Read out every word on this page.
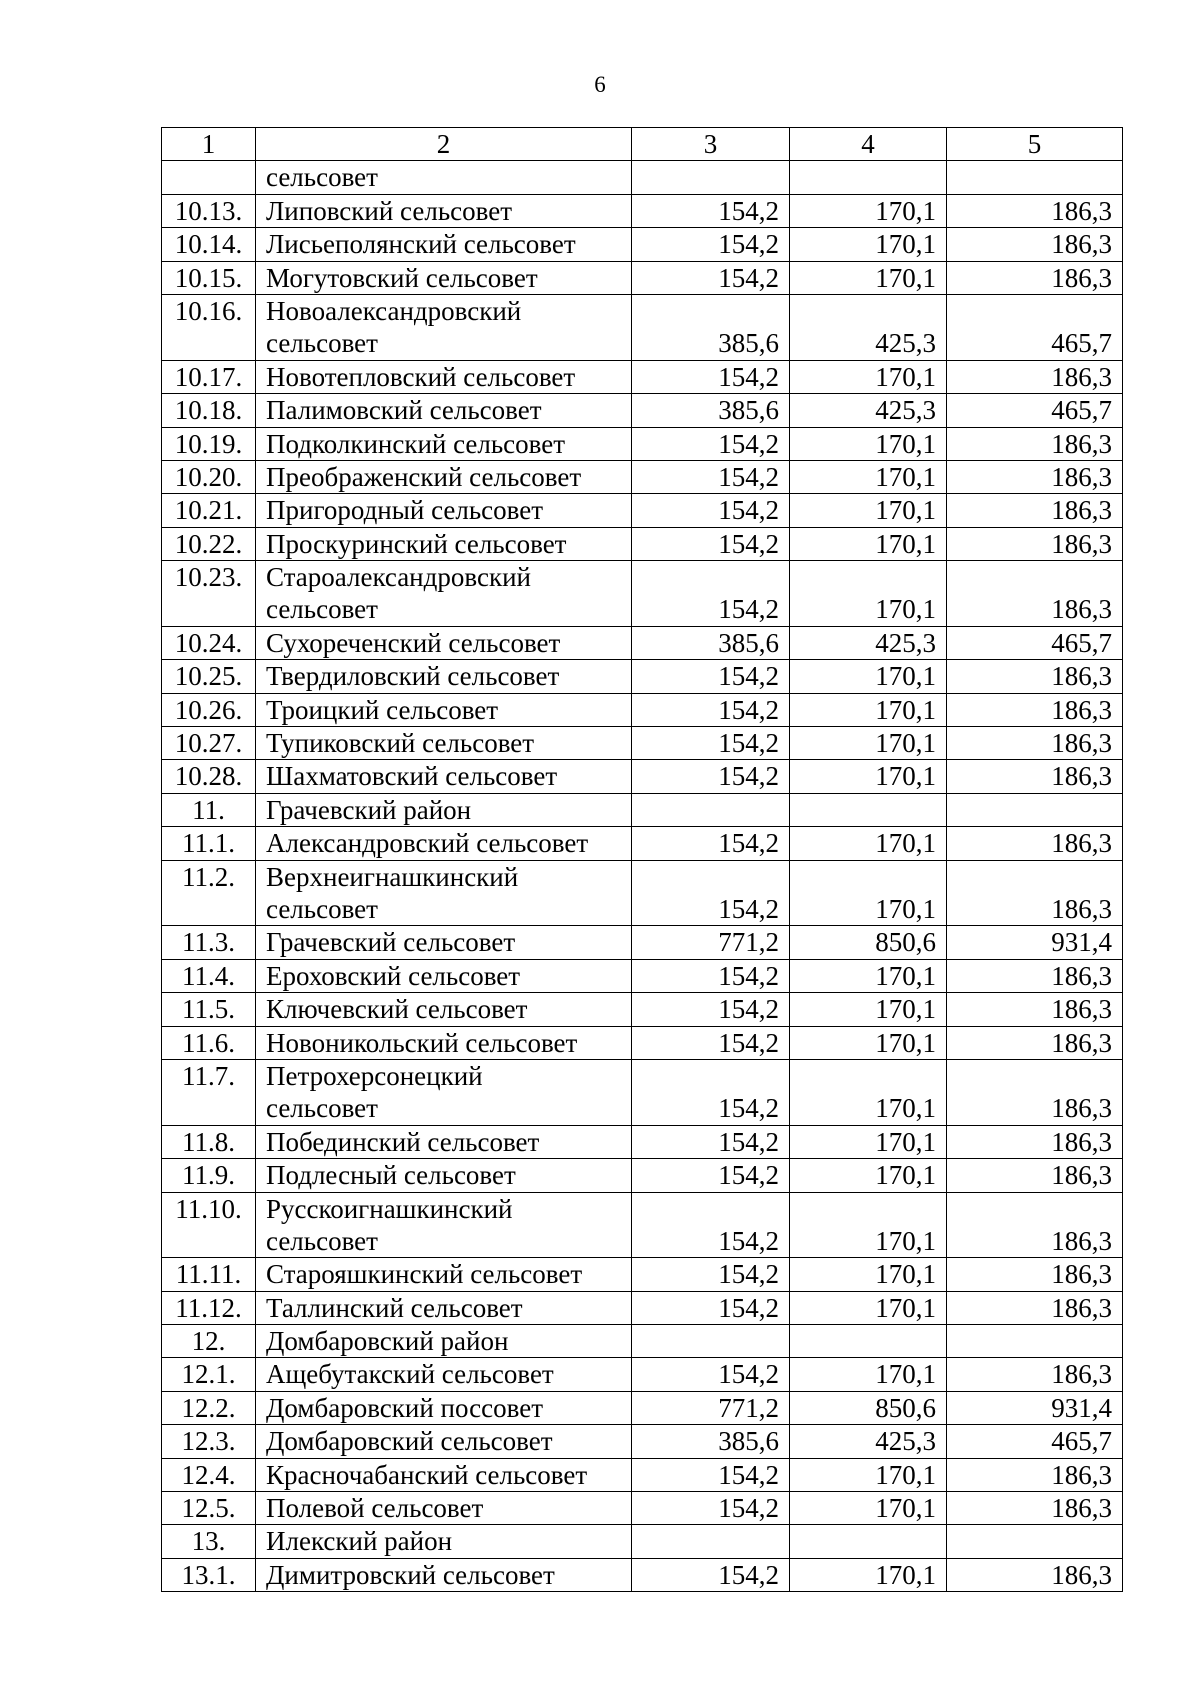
6
1	2	3	4	5

	сельсовет			

10.13.	Липовский сельсовет	154,2	170,1	186,3
10.14.	Лисьеполянский сельсовет	154,2	170,1	186,3
10.15.	Могутовский сельсовет	154,2	170,1	186,3
10.16.	Новоалександровский
сельсовет	385,6	425,3	465,7
10.17.	Новотепловский сельсовет	154,2	170,1	186,3
10.18.	Палимовский сельсовет	385,6	425,3	465,7
10.19.	Подколкинский сельсовет	154,2	170,1	186,3
10.20.	Преображенский сельсовет	154,2	170,1	186,3
10.21.	Пригородный сельсовет	154,2	170,1	186,3
10.22.	Проскуринский сельсовет	154,2	170,1	186,3
10.23.	Староалександровский
сельсовет	154,2	170,1	186,3
10.24.	Сухореченский сельсовет	385,6	425,3	465,7
10.25.	Твердиловский сельсовет	154,2	170,1	186,3
10.26.	Троицкий сельсовет	154,2	170,1	186,3
10.27.	Тупиковский сельсовет	154,2	170,1	186,3
10.28.	Шахматовский сельсовет	154,2	170,1	186,3
11.	Грачевский район			

11.1.	Александровский сельсовет	154,2	170,1	186,3
11.2.	Верхнеигнашкинский
сельсовет	154,2	170,1	186,3
11.3.	Грачевский сельсовет	771,2	850,6	931,4
11.4.	Ероховский сельсовет	154,2	170,1	186,3
11.5.	Ключевский сельсовет	154,2	170,1	186,3
11.6.	Новоникольский сельсовет	154,2	170,1	186,3
11.7.	Петрохерсонецкий
сельсовет	154,2	170,1	186,3
11.8.	Побединский сельсовет	154,2	170,1	186,3
11.9.	Подлесный сельсовет	154,2	170,1	186,3
11.10.	Русскоигнашкинский
сельсовет	154,2	170,1	186,3
11.11.	Старояшкинский сельсовет	154,2	170,1	186,3
11.12.	Таллинский сельсовет	154,2	170,1	186,3
12.	Домбаровский район			

12.1.	Ащебутакский сельсовет	154,2	170,1	186,3
12.2.	Домбаровский поссовет	771,2	850,6	931,4
12.3.	Домбаровский сельсовет	385,6	425,3	465,7
12.4.	Красночабанский сельсовет	154,2	170,1	186,3
12.5.	Полевой сельсовет	154,2	170,1	186,3
13.	Илекский район			

13.1.	Димитровский сельсовет	154,2	170,1	186,3
